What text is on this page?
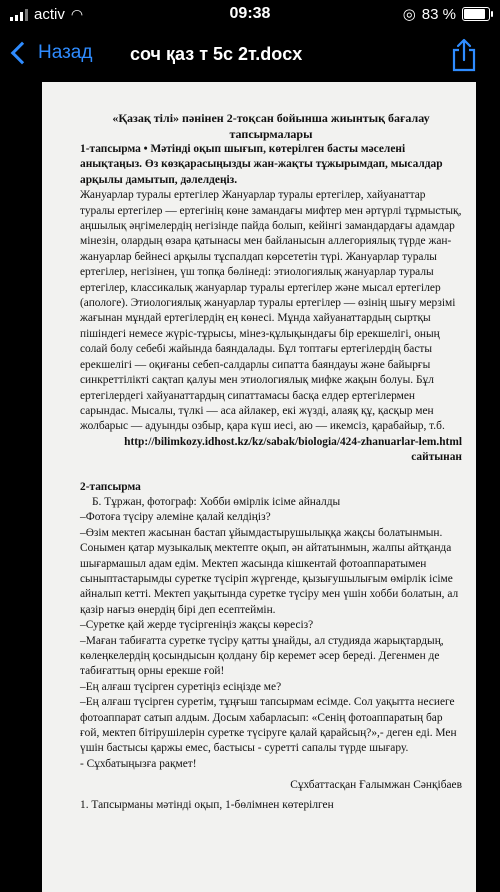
activ ◠	09:38	◎ 83 %
Назад соч қаз т 5с 2т.docx

«Қазақ тілі» пәнінен 2-тоқсан бойынша жиынтық бағалау тапсырмалары

1-тапсырма • Мәтінді оқып шығып, көтерілген басты мәселені анықтаңыз. Өз көзқарасыңызды жан-жақты тұжырымдап, мысалдар арқылы дамытып, дәлелдеңіз.

Жануарлар туралы ертегілер Жануарлар туралы ертегілер, хайуанаттар туралы ертегілер — ертегінің көне замандағы мифтер мен әртүрлі тұрмыстық, аңшылық әңгімелердің негізінде пайда болып, кейінгі замандардағы адамдар мінезін, олардың өзара қатынасы мен байланысын аллегориялық түрде жан-жануарлар бейнесі арқылы тұспалдап көрсететін түрі. Жануарлар туралы ертегілер, негізінен, үш топқа бөлінеді: этиологиялық жануарлар туралы ертегілер, классикалық жануарлар туралы ертегілер және мысал ертегілер (апологе). Этиологиялық жануарлар туралы ертегілер — өзінің шығу мерзімі жағынан мұндай ертегілердің ең көнесі. Мұнда хайуанаттардың сыртқы пішіндегі немесе жүріс-тұрысы, мінез-құлықындағы бір ерекшелігі, оның солай болу себебі жайында баяндалады. Бұл топтағы ертегілердің басты ерекшелігі — оқиғаны себеп-салдарлы сипатта баяндауы және байырғы синкреттілікті сақтап қалуы мен этиологиялық мифке жақын болуы. Бұл ертегілердегі хайуанаттардың сипаттамасы басқа елдер ертегілермен сарындас. Мысалы, түлкі — аса айлакер, екі жүзді, алаяқ құ, қасқыр мен жолбарыс — адуынды озбыр, қара күш иесі, аю — икемсіз, қарабайыр, т.б.

http://bilimkozy.idhost.kz/kz/sabak/biologia/424-zhanuarlar-lem.html сайтынан

2-тапсырма

Б. Тұржан, фотограф: Хобби өмірлік ісіме айналды

–Фотоға түсіру әлеміне қалай келдіңіз?

–Өзім мектеп жасынан бастап ұйымдастырушылыққа жақсы болатынмын. Сонымен қатар музыкалық мектепте оқып, ән айтатынмын, жалпы айтқанда шығармашыл адам едім. Мектеп жасында кішкентай фотоаппаратымен сыныптастарымды суретке түсіріп жүргенде, қызығушылығым өмірлік ісіме айналып кетті. Мектеп уақытында суретке түсіру мен үшін хобби болатын, ал қазір нағыз өнердің бірі деп есептеймін.

–Суретке қай жерде түсіргеніңіз жақсы көресіз?

–Маған табиғатта суретке түсіру қатты ұнайды, ал студияда жарықтардың, көлеңкелердің қосындысын қолдану бір керемет әсер береді. Дегенмен де табиғаттың орны ерекше ғой!

–Ең алғаш түсірген суретіңіз есіңізде ме?

–Ең алғаш түсірген суретім, тұңғыш тапсырмам есімде. Сол уақытта несиеге фотоаппарат сатып алдым. Досым хабарласып: «Сенің фотоаппаратың бар ғой, мектеп бітірушілерін суретке түсіруге қалай қарайсың?»,- деген еді. Мен үшін бастысы қаржы емес, бастысы - суретті сапалы түрде шығару.

- Сұхбатыңызға рақмет!

Сұхбаттасқан Ғалымжан Сәнқібаев

1. Тапсырманы мәтінді оқып, 1-бөлімнен көтерілген
